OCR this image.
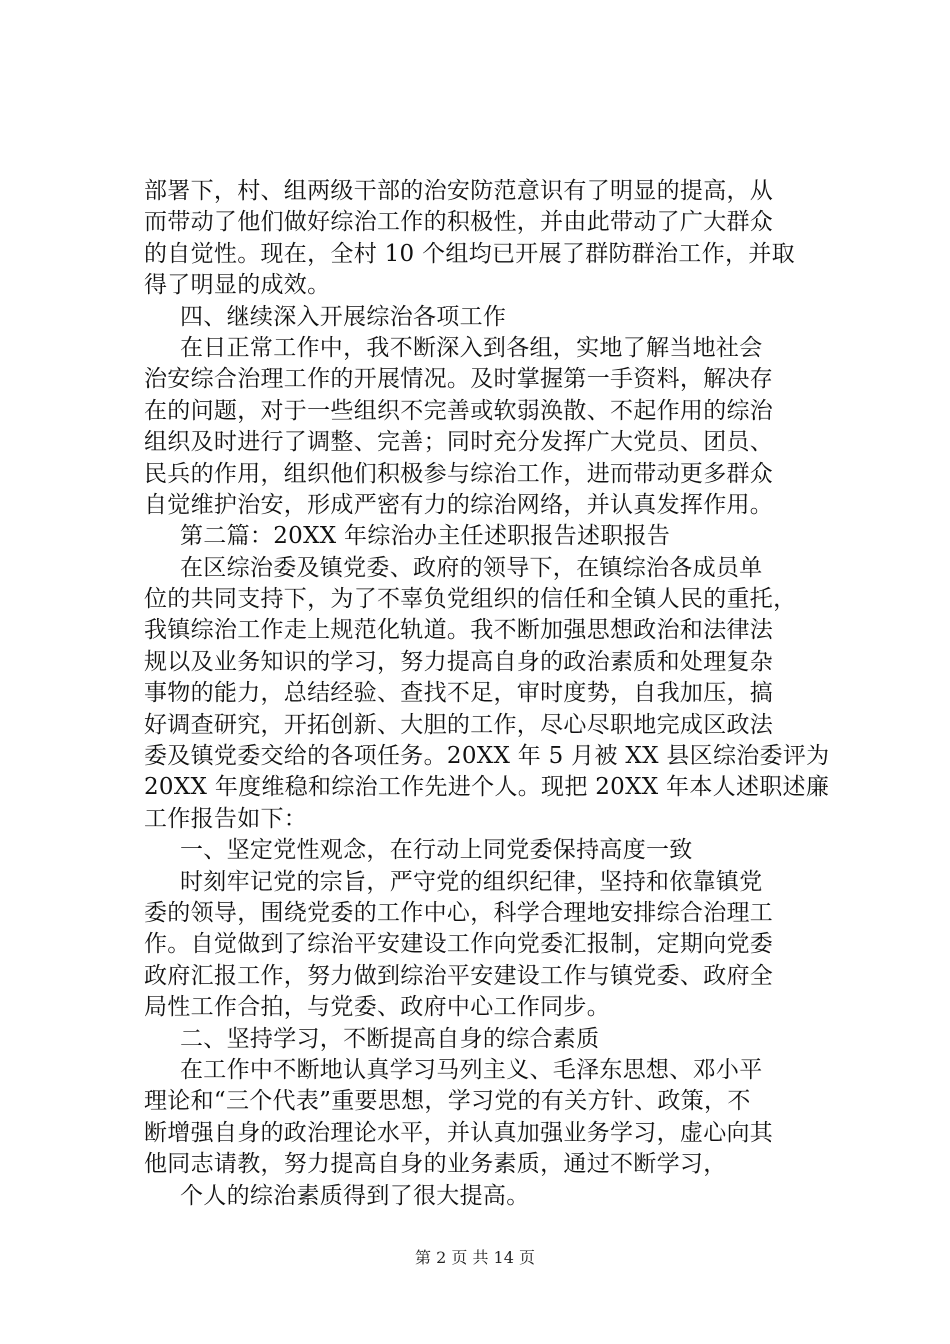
部署下，村、组两级干部的治安防范意识有了明显的提高，从
而带动了他们做好综治工作的积极性，并由此带动了广大群众
的自觉性。现在，全村 10 个组均已开展了群防群治工作，并取
得了明显的成效。
四、继续深入开展综治各项工作
在日正常工作中，我不断深入到各组，实地了解当地社会
治安综合治理工作的开展情况。及时掌握第一手资料，解决存
在的问题，对于一些组织不完善或软弱涣散、不起作用的综治
组织及时进行了调整、完善；同时充分发挥广大党员、团员、
民兵的作用，组织他们积极参与综治工作，进而带动更多群众
自觉维护治安，形成严密有力的综治网络，并认真发挥作用。
第二篇：20XX 年综治办主任述职报告述职报告
在区综治委及镇党委、政府的领导下，在镇综治各成员单
位的共同支持下，为了不辜负党组织的信任和全镇人民的重托，
我镇综治工作走上规范化轨道。我不断加强思想政治和法律法
规以及业务知识的学习，努力提高自身的政治素质和处理复杂
事物的能力，总结经验、查找不足，审时度势，自我加压，搞
好调查研究，开拓创新、大胆的工作，尽心尽职地完成区政法
委及镇党委交给的各项任务。20XX 年 5 月被 XX 县区综治委评为
20XX 年度维稳和综治工作先进个人。现把 20XX 年本人述职述廉
工作报告如下：
一、坚定党性观念，在行动上同党委保持高度一致
时刻牢记党的宗旨，严守党的组织纪律，坚持和依靠镇党
委的领导，围绕党委的工作中心，科学合理地安排综合治理工
作。自觉做到了综治平安建设工作向党委汇报制，定期向党委
政府汇报工作，努力做到综治平安建设工作与镇党委、政府全
局性工作合拍，与党委、政府中心工作同步。
二、坚持学习，不断提高自身的综合素质
在工作中不断地认真学习马列主义、毛泽东思想、邓小平
理论和“三个代表”重要思想，学习党的有关方针、政策，不
断增强自身的政治理论水平，并认真加强业务学习，虚心向其
他同志请教，努力提高自身的业务素质，通过不断学习，
个人的综治素质得到了很大提高。
第 2 页 共 14 页
